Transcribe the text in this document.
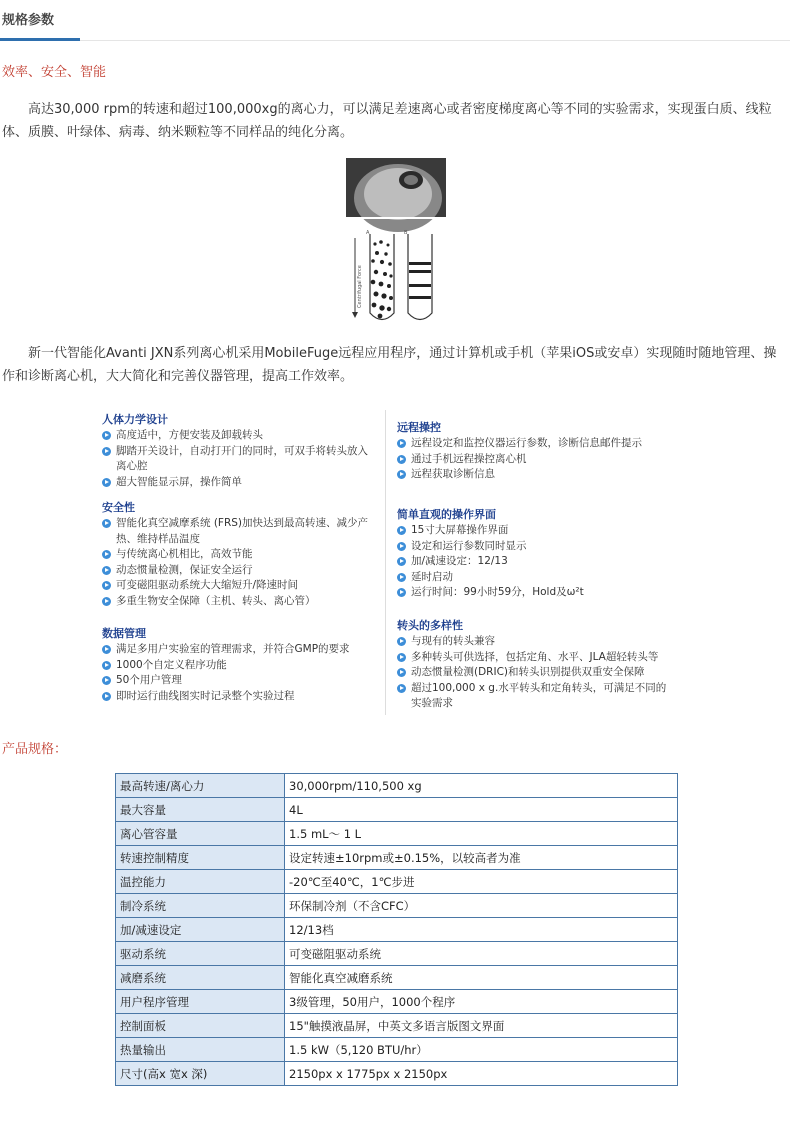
规格参数
效率、安全、智能
高达30,000 rpm的转速和超过100,000xg的离心力，可以满足差速离心或者密度梯度离心等不同的实验需求，实现蛋白质、线粒体、质膜、叶绿体、病毒、纳米颗粒等不同样品的纯化分离。
A	B
Centrifugal Force
新一代智能化Avanti JXN系列离心机采用MobileFuge远程应用程序，通过计算机或手机（苹果iOS或安卓）实现随时随地管理、操作和诊断离心机，大大简化和完善仪器管理，提高工作效率。
人体力学设计
高度适中，方便安装及卸载转头
脚踏开关设计，自动打开门的同时，可双手将转头放入离心腔
超大智能显示屏，操作简单
安全性
智能化真空减摩系统 (FRS)加快达到最高转速、减少产热、维持样品温度
与传统离心机相比，高效节能
动态惯量检测，保证安全运行
可变磁阻驱动系统大大缩短升/降速时间
多重生物安全保障（主机、转头、离心管）
数据管理
满足多用户实验室的管理需求，并符合GMP的要求
1000个自定义程序功能
50个用户管理
即时运行曲线图实时记录整个实验过程
远程操控
远程设定和监控仪器运行参数，诊断信息邮件提示
通过手机远程操控离心机
远程获取诊断信息
简单直观的操作界面
15寸大屏幕操作界面
设定和运行参数同时显示
加/减速设定：12/13
延时启动
运行时间：99小时59分，Hold及ω²t
转头的多样性
与现有的转头兼容
多种转头可供选择，包括定角、水平、JLA超轻转头等
动态惯量检测(DRIC)和转头识别提供双重安全保障
超过100,000 x g.水平转头和定角转头，可满足不同的实验需求
产品规格：
最高转速/离心力	30,000rpm/110,500 xg
最大容量	4L
离心管容量	1.5 mL～ 1 L
转速控制精度	设定转速±10rpm或±0.15%，以较高者为准
温控能力	-20℃至40℃，1℃步进
制冷系统	环保制冷剂（不含CFC）
加/减速设定	12/13档
驱动系统	可变磁阻驱动系统
减磨系统	智能化真空减磨系统
用户程序管理	3级管理，50用户，1000个程序
控制面板	15"触摸液晶屏，中英文多语言版图文界面
热量输出	1.5 kW（5,120 BTU/hr）
尺寸(高x 宽x 深)	2150px x 1775px x 2150px
